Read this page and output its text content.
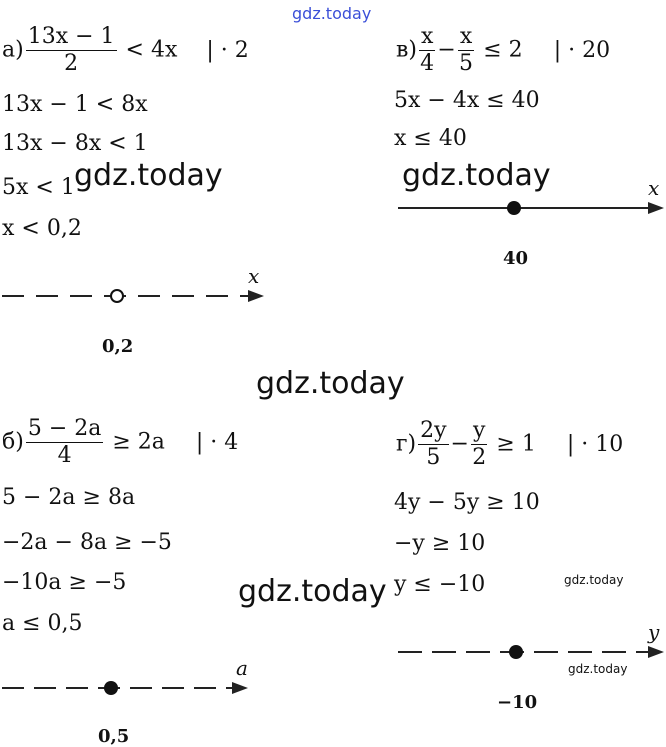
gdz.today
gdz.today	gdz.today
gdz.today
gdz.today	gdz.today
gdz.today
$а) \frac{13x - 1}{2} < 4x$ | · 2
13x − 1 < 8x
13x − 8x < 1
5x < 1
x < 0,2
x
0,2
$в) \frac{x}{4} - \frac{x}{5} \le 2$ | · 20
5x − 4x ≤ 40
x ≤ 40
x
40
$б) \frac{5 - 2a}{4} \ge 2a$ | · 4
5 − 2a ≥ 8a
−2a − 8a ≥ −5
−10a ≥ −5
a ≤ 0,5
a
0,5
$г) \frac{2y}{5} - \frac{y}{2} \ge 1$ | · 10
4y − 5y ≥ 10
−y ≥ 10
y ≤ −10
y
−10
